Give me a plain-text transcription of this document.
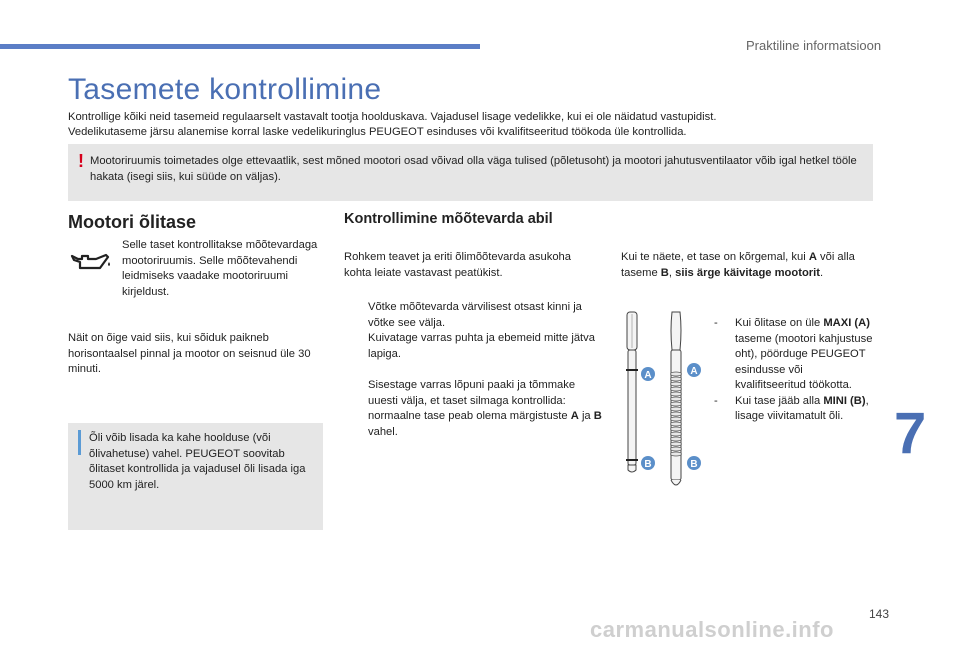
Praktiline informatsioon
Tasemete kontrollimine
Kontrollige kõiki neid tasemeid regulaarselt vastavalt tootja hoolduskava. Vajadusel lisage vedelikke, kui ei ole näidatud vastupidist.
Vedelikutaseme järsu alanemise korral laske vedelikuringlus PEUGEOT esinduses või kvalifitseeritud töökoda üle kontrollida.
! Mootoriruumis toimetades olge ettevaatlik, sest mõned mootori osad võivad olla väga tulised (põletusoht) ja mootori jahutusventilaator võib igal hetkel tööle hakata (isegi siis, kui süüde on väljas).
Mootori õlitase
Selle taset kontrollitakse mõõtevardaga mootoriruumis. Selle mõõtevahendi leidmiseks vaadake mootoriruumi kirjeldust.
Näit on õige vaid siis, kui sõiduk paikneb horisontaalsel pinnal ja mootor on seisnud üle 30 minuti.
Õli võib lisada ka kahe hoolduse (või õlivahetuse) vahel. PEUGEOT soovitab õlitaset kontrollida ja vajadusel õli lisada iga 5000 km järel.
Kontrollimine mõõtevarda abil
Rohkem teavet ja eriti õlimõõtevarda asukoha kohta leiate vastavast peatükist.
Võtke mõõtevarda värvilisest otsast kinni ja võtke see välja.
Kuivatage varras puhta ja ebemeid mitte jätva lapiga.
Sisestage varras lõpuni paaki ja tõmmake uuesti välja, et taset silmaga kontrollida: normaalne tase peab olema märgistuste A ja B vahel.
Kui te näete, et tase on kõrgemal, kui A või alla taseme B, siis ärge käivitage mootorit.
A	A
B	B
- Kui õlitase on üle MAXI (A) taseme (mootori kahjustuse oht), pöörduge PEUGEOT esindusse või kvalifitseeritud töökotta.
- Kui tase jääb alla MINI (B), lisage viivitamatult õli. 7
143
carmanualsonline.info
